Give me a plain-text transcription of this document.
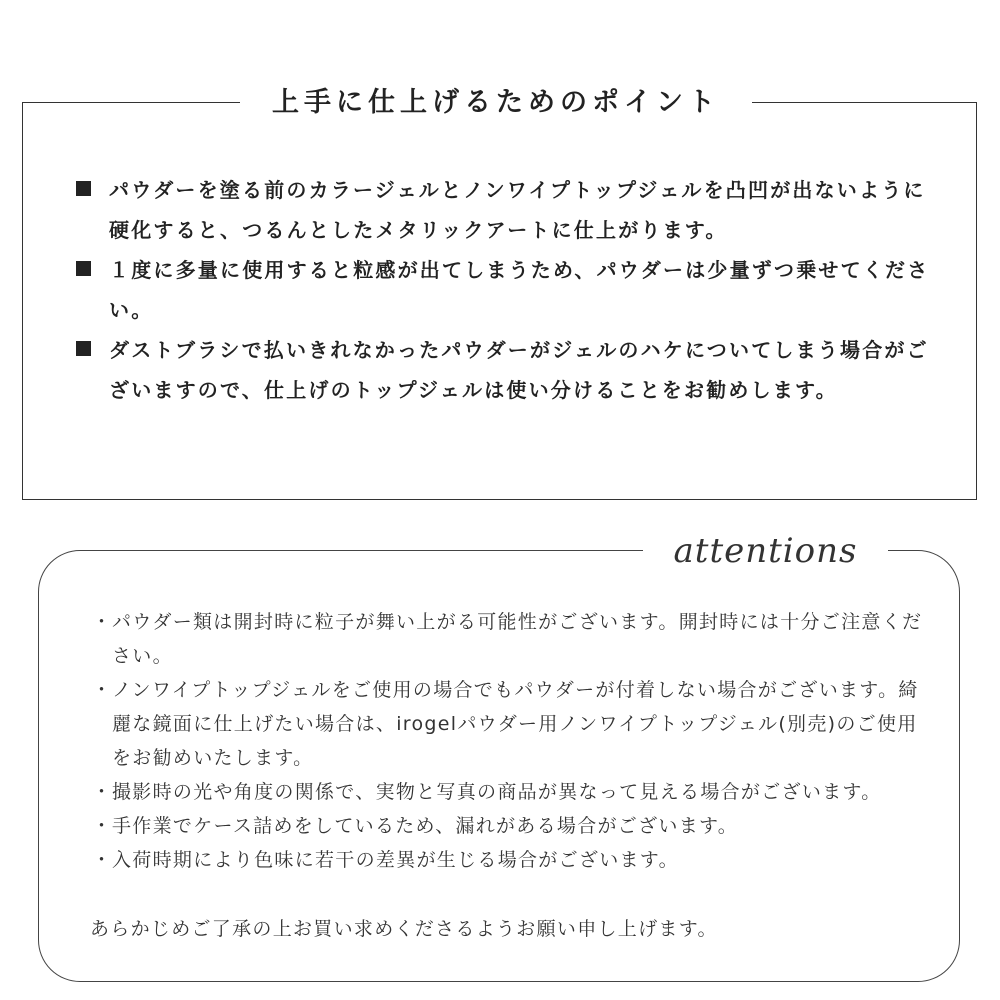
上手に仕上げるためのポイント
パウダーを塗る前のカラージェルとノンワイプトップジェルを凸凹が出ないように硬化すると、つるんとしたメタリックアートに仕上がります。
１度に多量に使用すると粒感が出てしまうため、パウダーは少量ずつ乗せてください。
ダストブラシで払いきれなかったパウダーがジェルのハケについてしまう場合がございますので、仕上げのトップジェルは使い分けることをお勧めします。
attentions
・ パウダー類は開封時に粒子が舞い上がる可能性がございます。開封時には十分ご注意ください。
・ ノンワイプトップジェルをご使用の場合でもパウダーが付着しない場合がございます。綺麗な鏡面に仕上げたい場合は、irogelパウダー用ノンワイプトップジェル(別売)のご使用をお勧めいたします。
・ 撮影時の光や角度の関係で、実物と写真の商品が異なって見える場合がございます。
・ 手作業でケース詰めをしているため、漏れがある場合がございます。
・ 入荷時期により色味に若干の差異が生じる場合がございます。
あらかじめご了承の上お買い求めくださるようお願い申し上げます。
